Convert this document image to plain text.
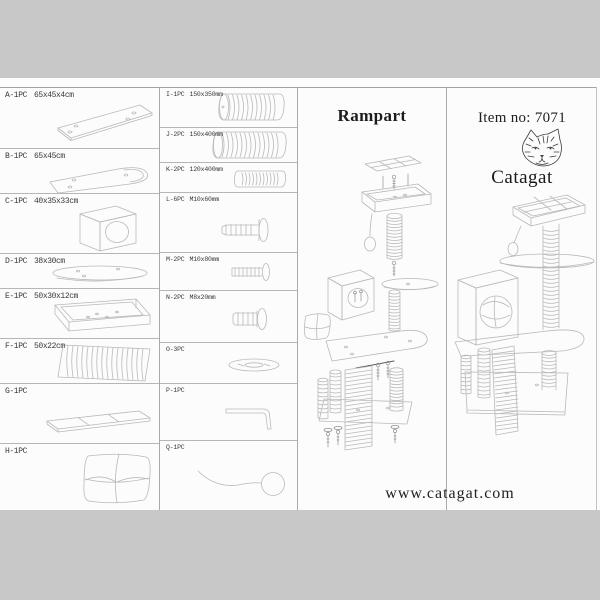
A-1PC 65x45x4cm
B-1PC 65x45cm
C-1PC 40x35x33cm
D-1PC 38x30cm
E-1PC 50x30x12cm
F-1PC 50x22cm
G-1PC
H-1PC
I-1PC 150x350mm
J-2PC 150x400mm
K-2PC 120x400mm
L-6PC M10x60mm
M-2PC M10x80mm
N-2PC M8x20mm
O-3PC
P-1PC
Q-1PC
Rampart	Item no: 7071
Catagat
www.catagat.com
